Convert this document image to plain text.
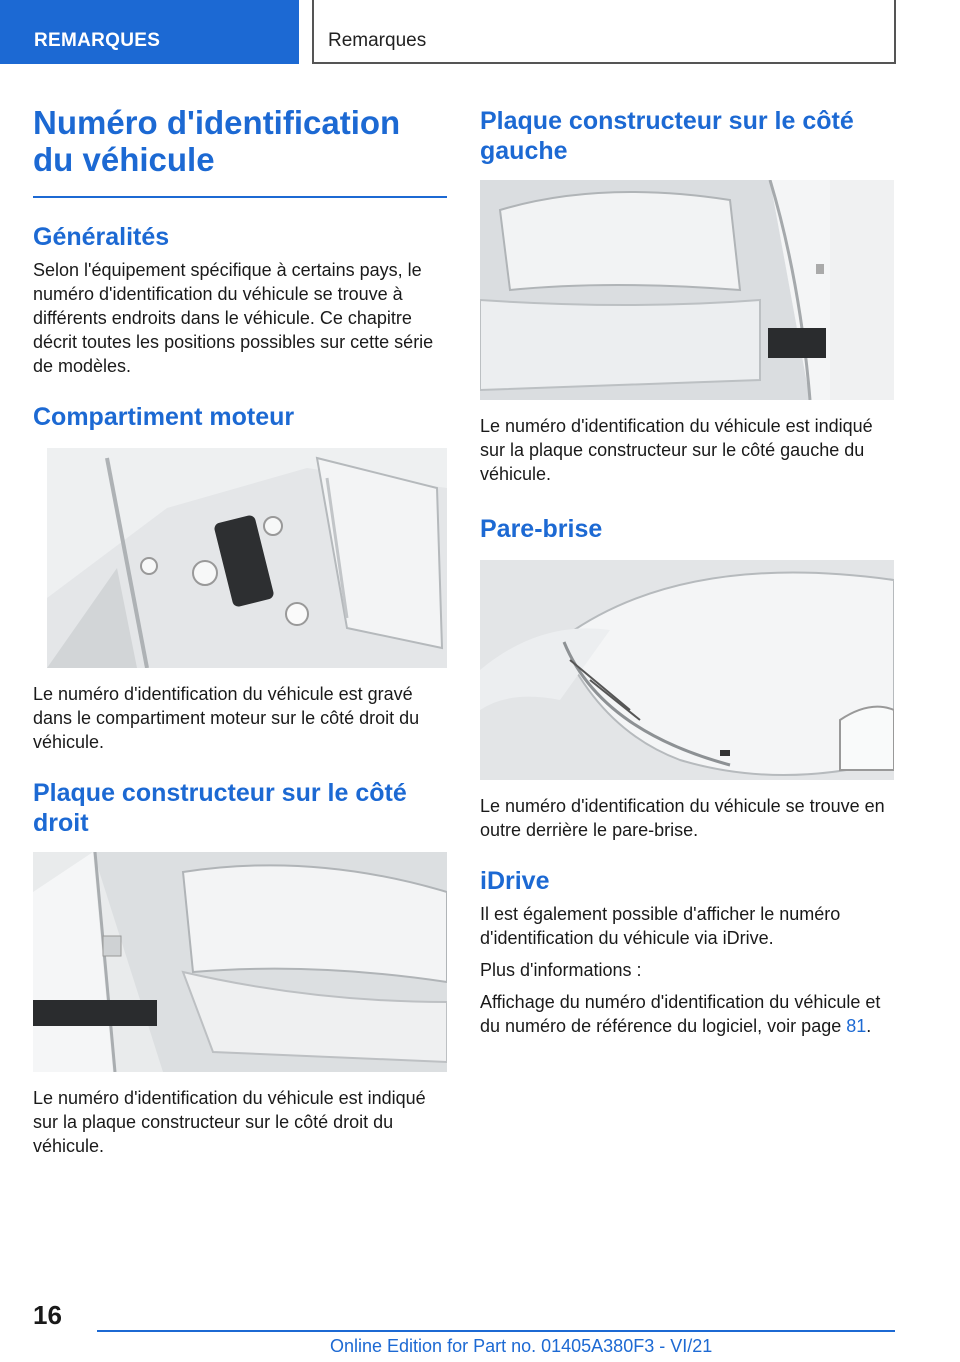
REMARQUES	Remarques
Numéro d'identification du véhicule
Généralités

Selon l'équipement spécifique à certains pays, le numéro d'identification du véhicule se trouve à différents endroits dans le véhicule. Ce chapitre décrit toutes les positions possibles sur cette série de modèles.

Compartiment moteur

Le numéro d'identification du véhicule est gravé dans le compartiment moteur sur le côté droit du véhicule.

Plaque constructeur sur le côté droit

Le numéro d'identification du véhicule est indiqué sur la plaque constructeur sur le côté droit du véhicule.

Plaque constructeur sur le côté gauche

Le numéro d'identification du véhicule est indiqué sur la plaque constructeur sur le côté gauche du véhicule.

Pare-brise

Le numéro d'identification du véhicule se trouve en outre derrière le pare-brise.

iDrive

Il est également possible d'afficher le numéro d'identification du véhicule via iDrive.

Plus d'informations :

Affichage du numéro d'identification du véhicule et du numéro de référence du logiciel, voir page 81.

16
Online Edition for Part no. 01405A380F3 - VI/21
